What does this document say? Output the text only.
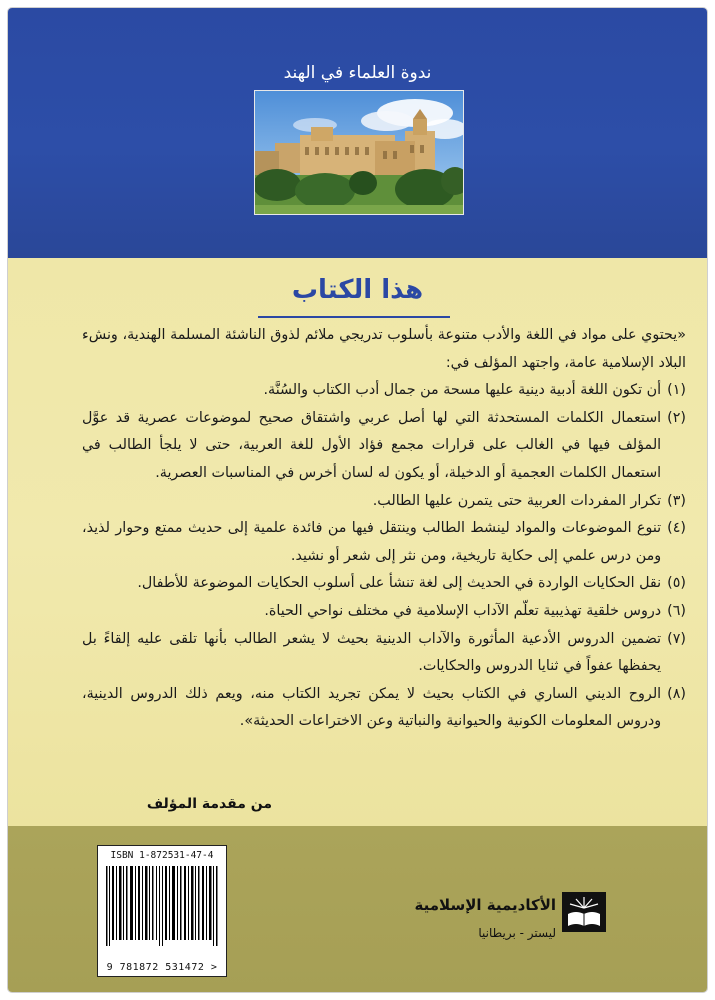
ندوة العلماء في الهند
هذا الكتاب

«يحتوي على مواد في اللغة والأدب متنوعة بأسلوب تدريجي ملائم لذوق الناشئة المسلمة الهندية، ونشء البلاد الإسلامية عامة، واجتهد المؤلف في:

(١)
أن تكون اللغة أدبية دينية عليها مسحة من جمال أدب الكتاب والسُنَّة.
(٢)
استعمال الكلمات المستحدثة التي لها أصل عربي واشتقاق صحيح لموضوعات عصرية قد عوَّل المؤلف فيها في الغالب على قرارات مجمع فؤاد الأول للغة العربية، حتى لا يلجأ الطالب في استعمال الكلمات العجمية أو الدخيلة، أو يكون له لسان أخرس في المناسبات العصرية.
(٣)
تكرار المفردات العربية حتى يتمرن عليها الطالب.
(٤)
تنوع الموضوعات والمواد لينشط الطالب وينتقل فيها من فائدة علمية إلى حديث ممتع وحوار لذيذ، ومن درس علمي إلى حكاية تاريخية، ومن نثر إلى شعر أو نشيد.
(٥)
نقل الحكايات الواردة في الحديث إلى لغة تنشأ على أسلوب الحكايات الموضوعة للأطفال.
(٦)
دروس خلقية تهذيبية تعلّم الآداب الإسلامية في مختلف نواحي الحياة.
(٧)
تضمين الدروس الأدعية المأثورة والآداب الدينية بحيث لا يشعر الطالب بأنها تلقى عليه إلقاءً بل يحفظها عفواً في ثنايا الدروس والحكايات.
(٨)
الروح الديني الساري في الكتاب بحيث لا يمكن تجريد الكتاب منه، ويعم ذلك الدروس الدينية، ودروس المعلومات الكونية والحيوانية والنباتية وعن الاختراعات الحديثة».
من مقدمة المؤلف
ISBN 1-872531-47-4
9 781872 531472 >
الأكاديمية الإسلامية
ليستر - بريطانيا
